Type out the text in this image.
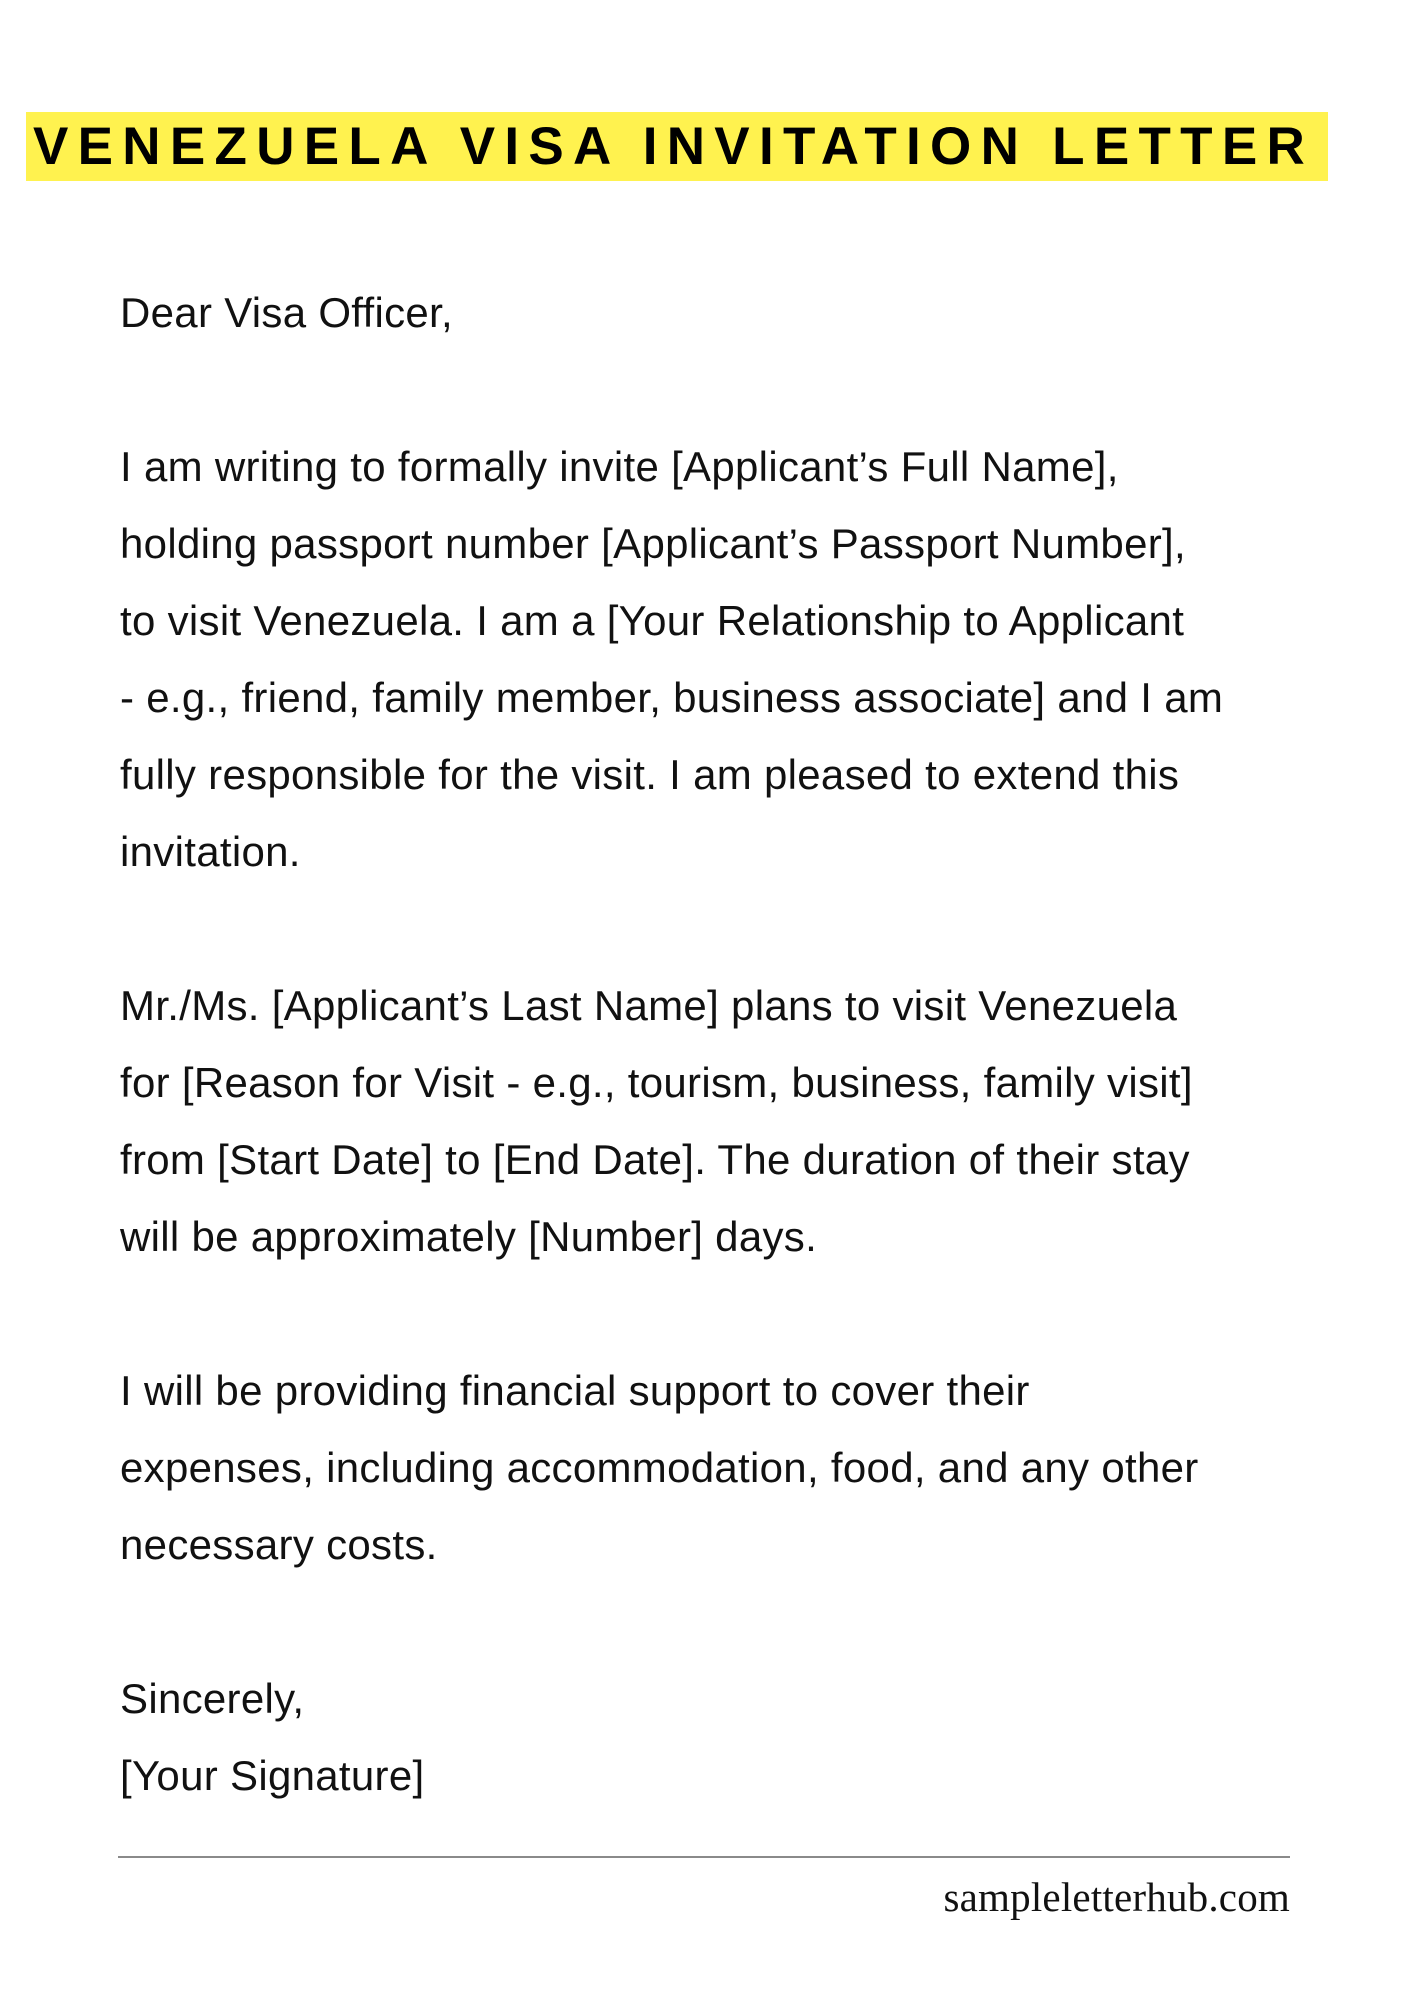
VENEZUELA VISA INVITATION LETTER
Dear Visa Officer,
I am writing to formally invite [Applicant’s Full Name],
holding passport number [Applicant’s Passport Number],
to visit Venezuela. I am a [Your Relationship to Applicant
- e.g., friend, family member, business associate] and I am
fully responsible for the visit. I am pleased to extend this
invitation.
Mr./Ms. [Applicant’s Last Name] plans to visit Venezuela
for [Reason for Visit - e.g., tourism, business, family visit]
from [Start Date] to [End Date]. The duration of their stay
will be approximately [Number] days.
I will be providing financial support to cover their
expenses, including accommodation, food, and any other
necessary costs.
Sincerely,
[Your Signature]
sampleletterhub.com
